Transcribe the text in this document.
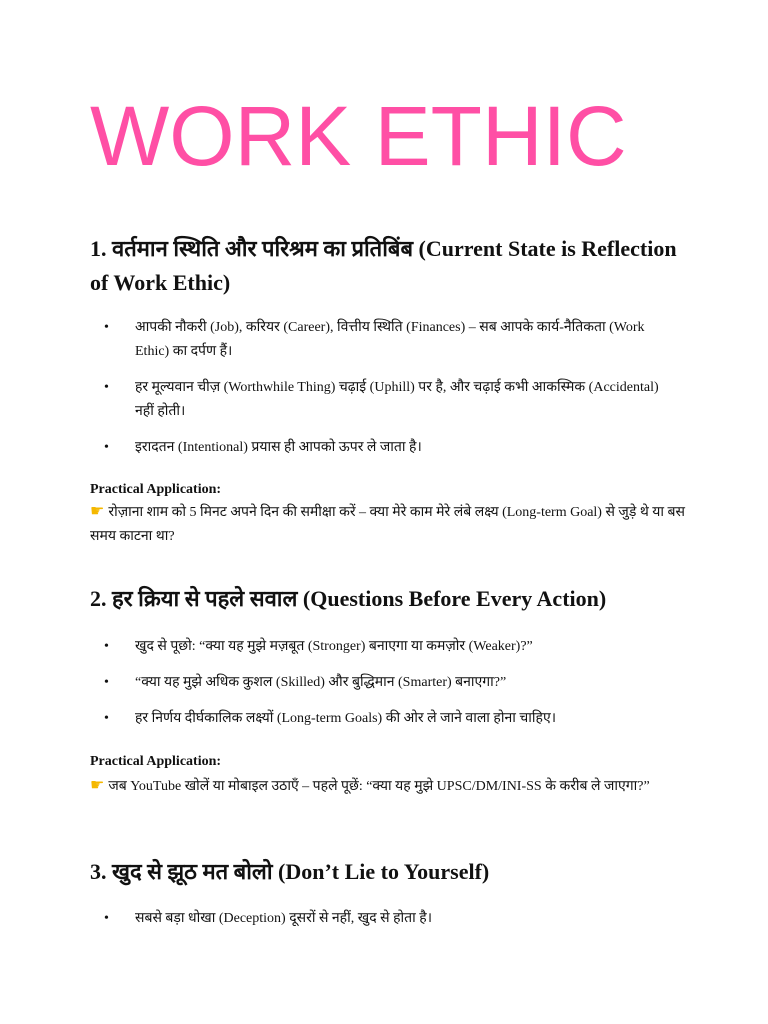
WORK ETHIC
1. वर्तमान स्थिति और परिश्रम का प्रतिबिंब (Current State is Reflection of Work Ethic)
• आपकी नौकरी (Job), करियर (Career), वित्तीय स्थिति (Finances) – सब आपके कार्य-नैतिकता (Work Ethic) का दर्पण हैं।
• हर मूल्यवान चीज़ (Worthwhile Thing) चढ़ाई (Uphill) पर है, और चढ़ाई कभी आकस्मिक (Accidental) नहीं होती।
• इरादतन (Intentional) प्रयास ही आपको ऊपर ले जाता है।

Practical Application:

☛ रोज़ाना शाम को 5 मिनट अपने दिन की समीक्षा करें – क्या मेरे काम मेरे लंबे लक्ष्य (Long-term Goal) से जुड़े थे या बस समय काटना था?

2. हर क्रिया से पहले सवाल (Questions Before Every Action)
• खुद से पूछो: “क्या यह मुझे मज़बूत (Stronger) बनाएगा या कमज़ोर (Weaker)?”
• “क्या यह मुझे अधिक कुशल (Skilled) और बुद्धिमान (Smarter) बनाएगा?”
• हर निर्णय दीर्घकालिक लक्ष्यों (Long-term Goals) की ओर ले जाने वाला होना चाहिए।

Practical Application:

☛ जब YouTube खोलें या मोबाइल उठाएँ – पहले पूछें: “क्या यह मुझे UPSC/DM/INI-SS के करीब ले जाएगा?”

3. खुद से झूठ मत बोलो (Don’t Lie to Yourself)
• सबसे बड़ा धोखा (Deception) दूसरों से नहीं, खुद से होता है।
